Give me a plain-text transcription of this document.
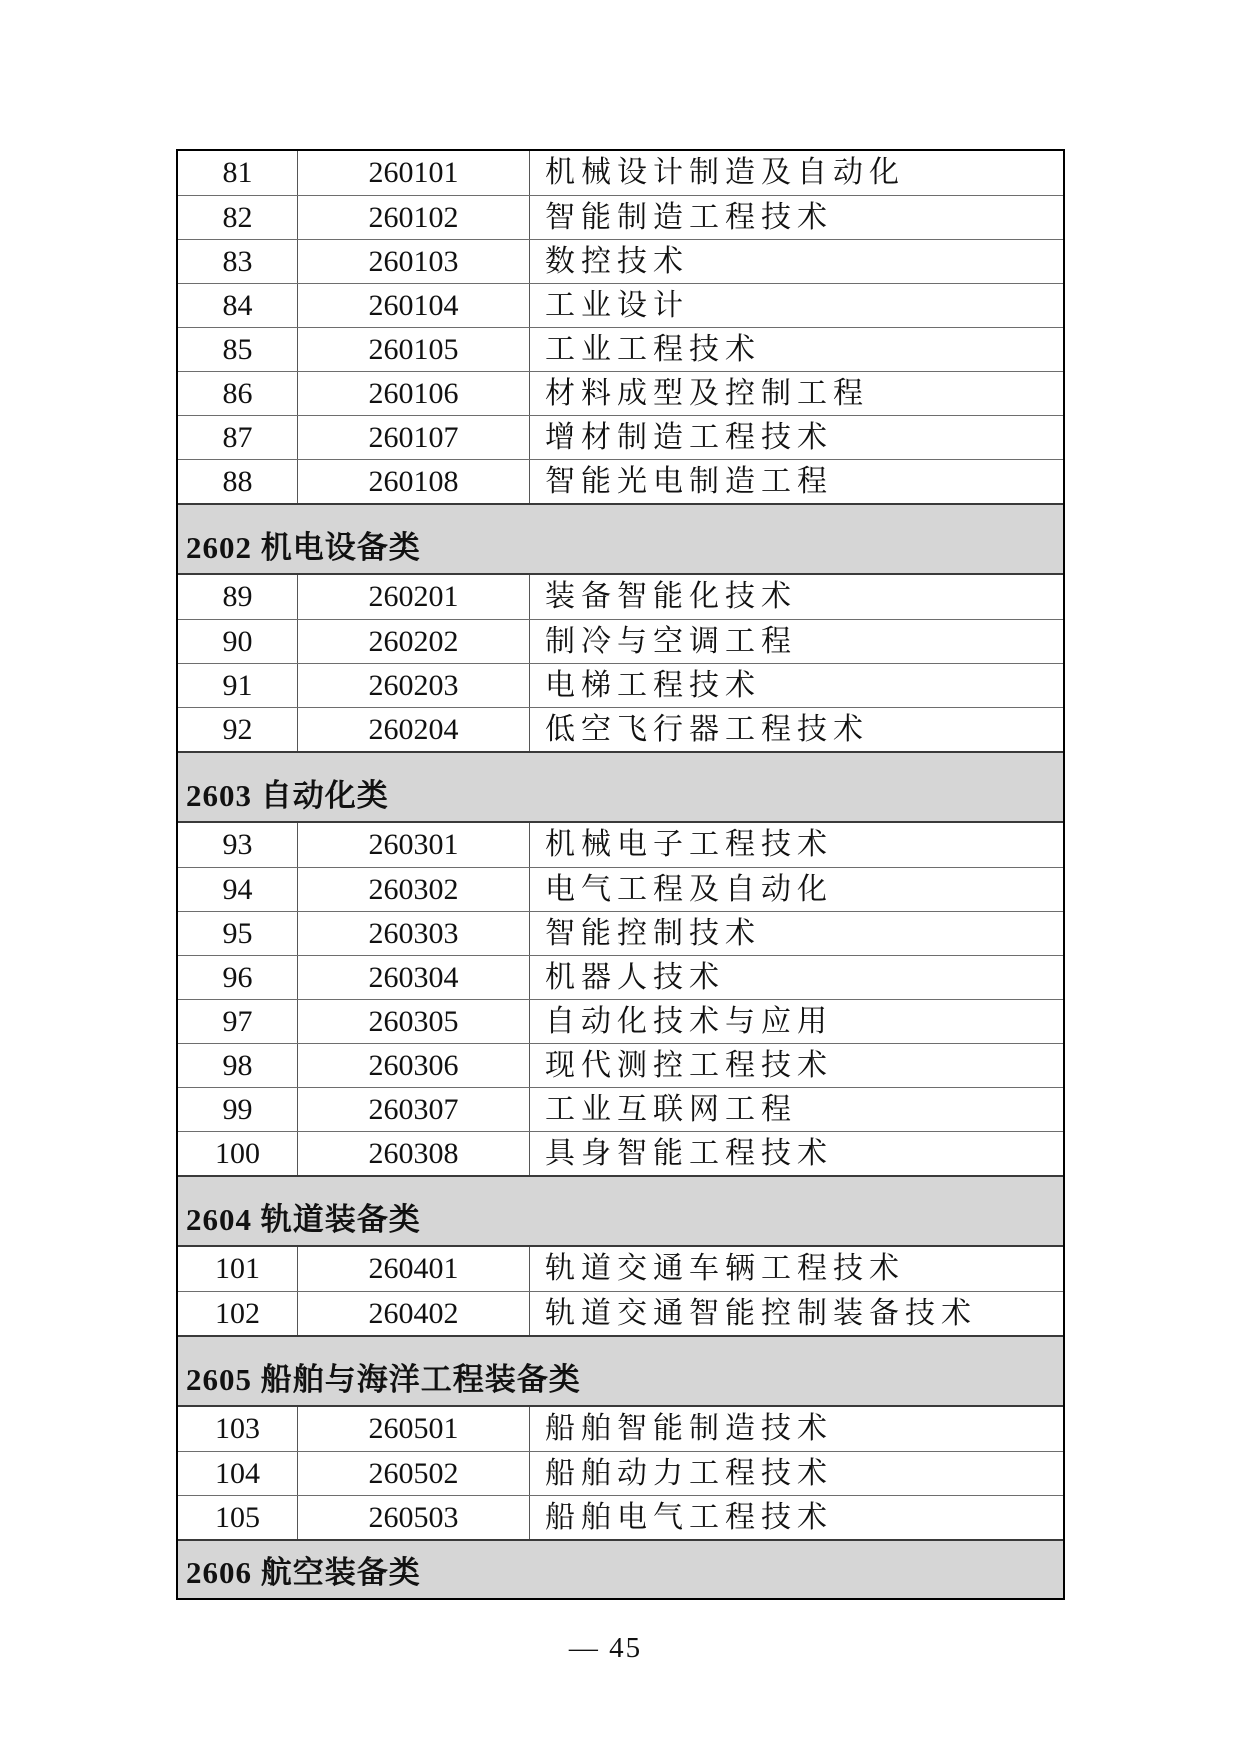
81	260101	机械设计制造及自动化
82	260102	智能制造工程技术
83	260103	数控技术
84	260104	工业设计
85	260105	工业工程技术
86	260106	材料成型及控制工程
87	260107	增材制造工程技术
88	260108	智能光电制造工程
2602 机电设备类
89	260201	装备智能化技术
90	260202	制冷与空调工程
91	260203	电梯工程技术
92	260204	低空飞行器工程技术
2603 自动化类
93	260301	机械电子工程技术
94	260302	电气工程及自动化
95	260303	智能控制技术
96	260304	机器人技术
97	260305	自动化技术与应用
98	260306	现代测控工程技术
99	260307	工业互联网工程
100	260308	具身智能工程技术
2604 轨道装备类
101	260401	轨道交通车辆工程技术
102	260402	轨道交通智能控制装备技术
2605 船舶与海洋工程装备类
103	260501	船舶智能制造技术
104	260502	船舶动力工程技术
105	260503	船舶电气工程技术
2606 航空装备类
— 45
